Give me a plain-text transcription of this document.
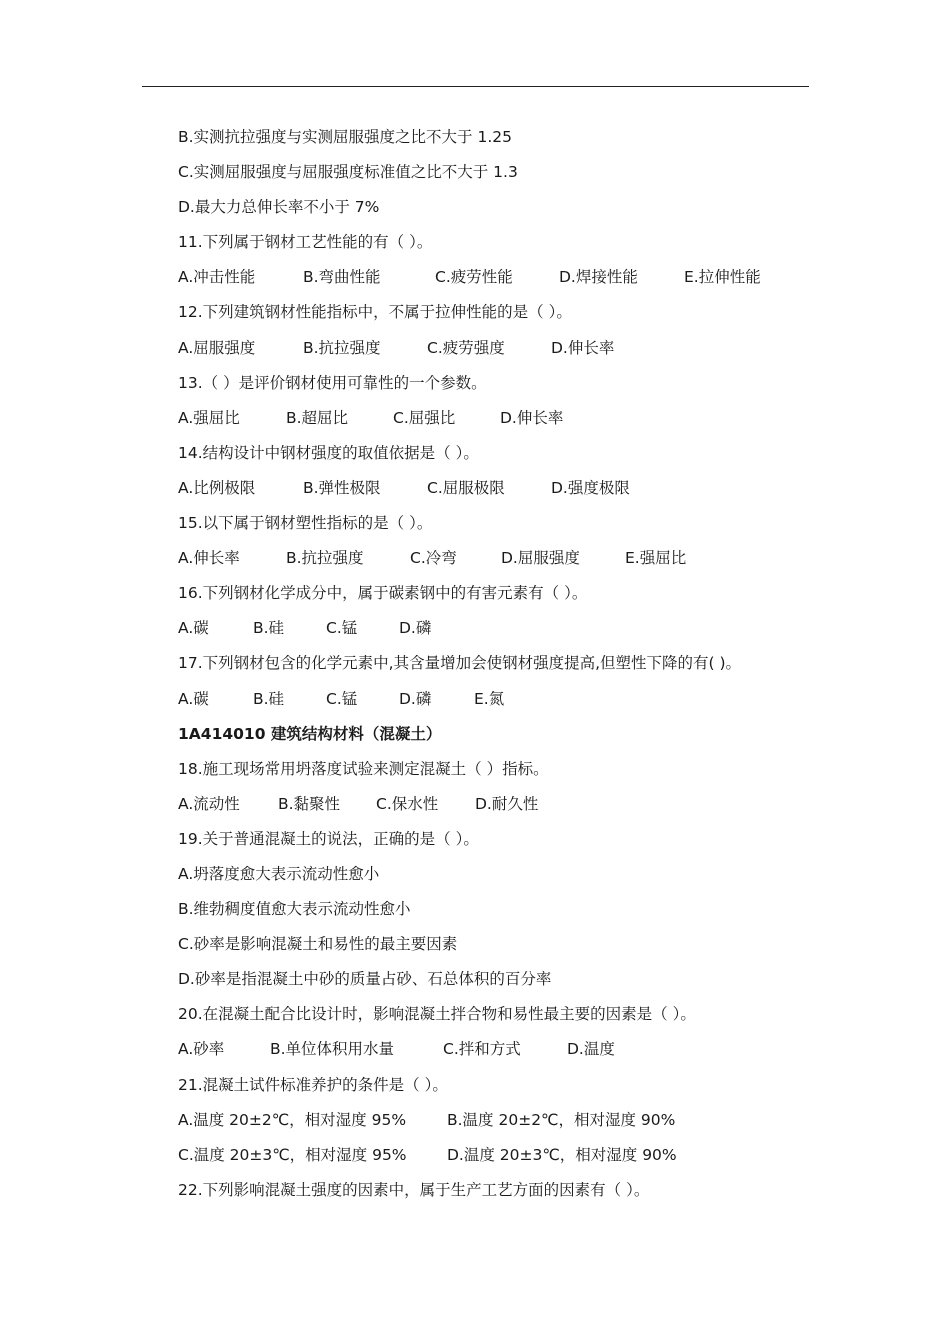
B.实测抗拉强度与实测屈服强度之比不大于 1.25
C.实测屈服强度与屈服强度标准值之比不大于 1.3
D.最大力总伸长率不小于 7%
11.下列属于钢材工艺性能的有（ ）。
A.冲击性能	B.弯曲性能	C.疲劳性能	D.焊接性能	E.拉伸性能
12.下列建筑钢材性能指标中，不属于拉伸性能的是（ ）。
A.屈服强度	B.抗拉强度	C.疲劳强度	D.伸长率
13.（ ）是评价钢材使用可靠性的一个参数。
A.强屈比	B.超屈比	C.屈强比	D.伸长率
14.结构设计中钢材强度的取值依据是（ ）。
A.比例极限	B.弹性极限	C.屈服极限	D.强度极限
15.以下属于钢材塑性指标的是（ ）。
A.伸长率	B.抗拉强度	C.冷弯	D.屈服强度	E.强屈比
16.下列钢材化学成分中，属于碳素钢中的有害元素有（ ）。
A.碳	B.硅	C.锰	D.磷
17.下列钢材包含的化学元素中,其含量增加会使钢材强度提高,但塑性下降的有( )。
A.碳	B.硅	C.锰	D.磷	E.氮
1A414010 建筑结构材料（混凝土）
18.施工现场常用坍落度试验来测定混凝土（ ）指标。
A.流动性	B.黏聚性	C.保水性	D.耐久性
19.关于普通混凝土的说法，正确的是（ ）。
A.坍落度愈大表示流动性愈小
B.维勃稠度值愈大表示流动性愈小
C.砂率是影响混凝土和易性的最主要因素
D.砂率是指混凝土中砂的质量占砂、石总体积的百分率
20.在混凝土配合比设计时，影响混凝土拌合物和易性最主要的因素是（ ）。
A.砂率	B.单位体积用水量	C.拌和方式	D.温度
21.混凝土试件标准养护的条件是（ ）。
A.温度 20±2℃，相对湿度 95%	B.温度 20±2℃，相对湿度 90%
C.温度 20±3℃，相对湿度 95%	D.温度 20±3℃，相对湿度 90%
22.下列影响混凝土强度的因素中，属于生产工艺方面的因素有（ ）。
